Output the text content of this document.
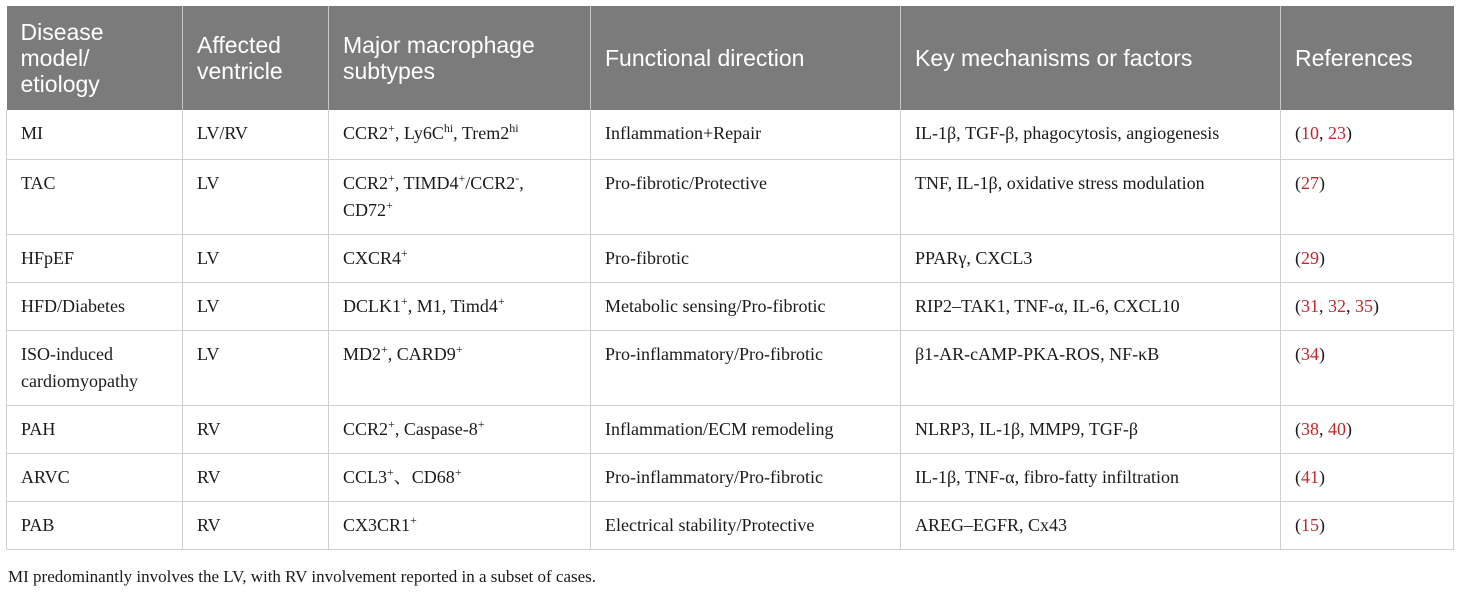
Disease model/ etiology	Affected ventricle	Major macrophage subtypes	Functional direction	Key mechanisms or factors	References
MI	LV/RV	CCR2+, $Ly6C^{hi}$, $Trem2^{hi}$	Inflammation+Repair	IL-1β, TGF-β, phagocytosis, angiogenesis	(10, 23)
TAC	LV	CCR2+, TIMD4+/CCR2-, CD72+	Pro-fibrotic/Protective	TNF, IL-1β, oxidative stress modulation	(27)
HFpEF	LV	CXCR4+	Pro-fibrotic	PPARγ, CXCL3	(29)
HFD/Diabetes	LV	DCLK1+, M1, Timd4+	Metabolic sensing/Pro-fibrotic	RIP2–TAK1, TNF-α, IL-6, CXCL10	(31, 32, 35)
ISO-induced cardiomyopathy	LV	MD2+, CARD9+	Pro-inflammatory/Pro-fibrotic	β1-AR-cAMP-PKA-ROS, NF-κB	(34)
PAH	RV	CCR2+, Caspase-8+	Inflammation/ECM remodeling	NLRP3, IL-1β, MMP9, TGF-β	(38, 40)
ARVC	RV	CCL3+、CD68+	Pro-inflammatory/Pro-fibrotic	IL-1β, TNF-α, fibro-fatty infiltration	(41)
PAB	RV	CX3CR1+	Electrical stability/Protective	AREG–EGFR, Cx43	(15)
MI predominantly involves the LV, with RV involvement reported in a subset of cases.
